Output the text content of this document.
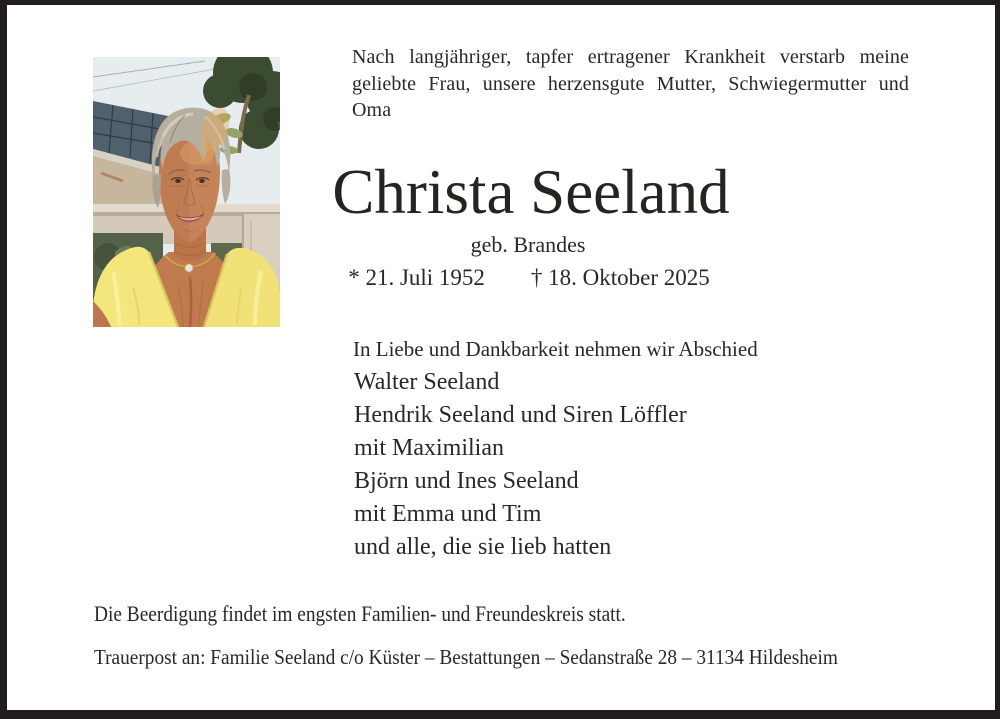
Nach langjähriger, tapfer ertragener Krankheit verstarb meine
geliebte Frau, unsere herzensgute Mutter, Schwiegermutter und
Oma
Christa Seeland
geb. Brandes
* 21. Juli 1952 † 18. Oktober 2025
In Liebe und Dankbarkeit nehmen wir Abschied
Walter Seeland
Hendrik Seeland und Siren Löffler
mit Maximilian
Björn und Ines Seeland
mit Emma und Tim
und alle, die sie lieb hatten
Die Beerdigung findet im engsten Familien- und Freundeskreis statt.
Trauerpost an: Familie Seeland c/o Küster – Bestattungen – Sedanstraße 28 – 31134 Hildesheim
